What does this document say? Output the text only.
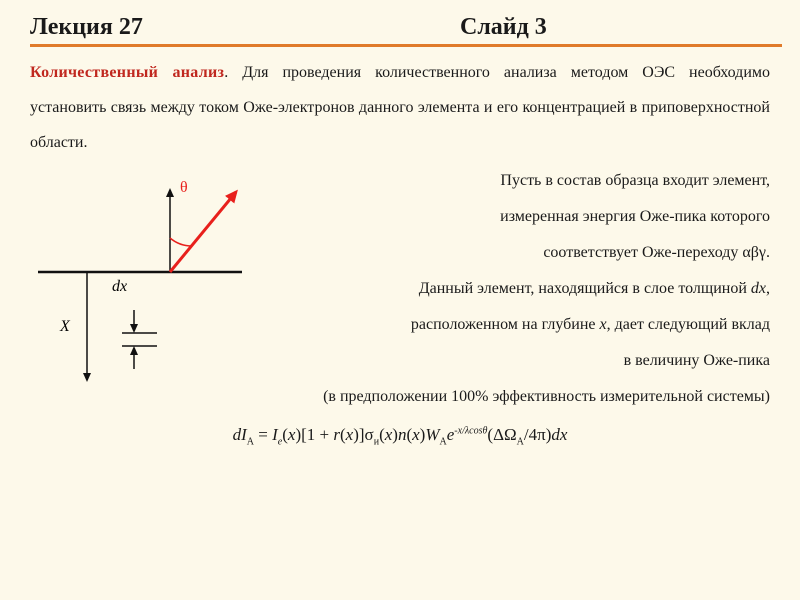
Лекция 27	Слайд 3
Количественный анализ. Для проведения количественного анализа методом ОЭС необходимо установить связь между током Оже-электронов данного элемента и его концентрацией в приповерхностной области.
θ
dx
X
Пусть в состав образца входит элемент,
измеренная энергия Оже-пика которого
соответствует Оже-переходу αβγ.
Данный элемент, находящийся в слое толщиной dx,
расположенном на глубине x, дает следующий вклад
в величину Оже-пика
(в предположении 100% эффективность измерительной системы)
$dI_A = I_e(x)[1 + r(x)]\sigma_и(x)n(x)W_Ae^{-x/\lambda cos\theta}(\Delta\Omega_A/4\pi)dx$
